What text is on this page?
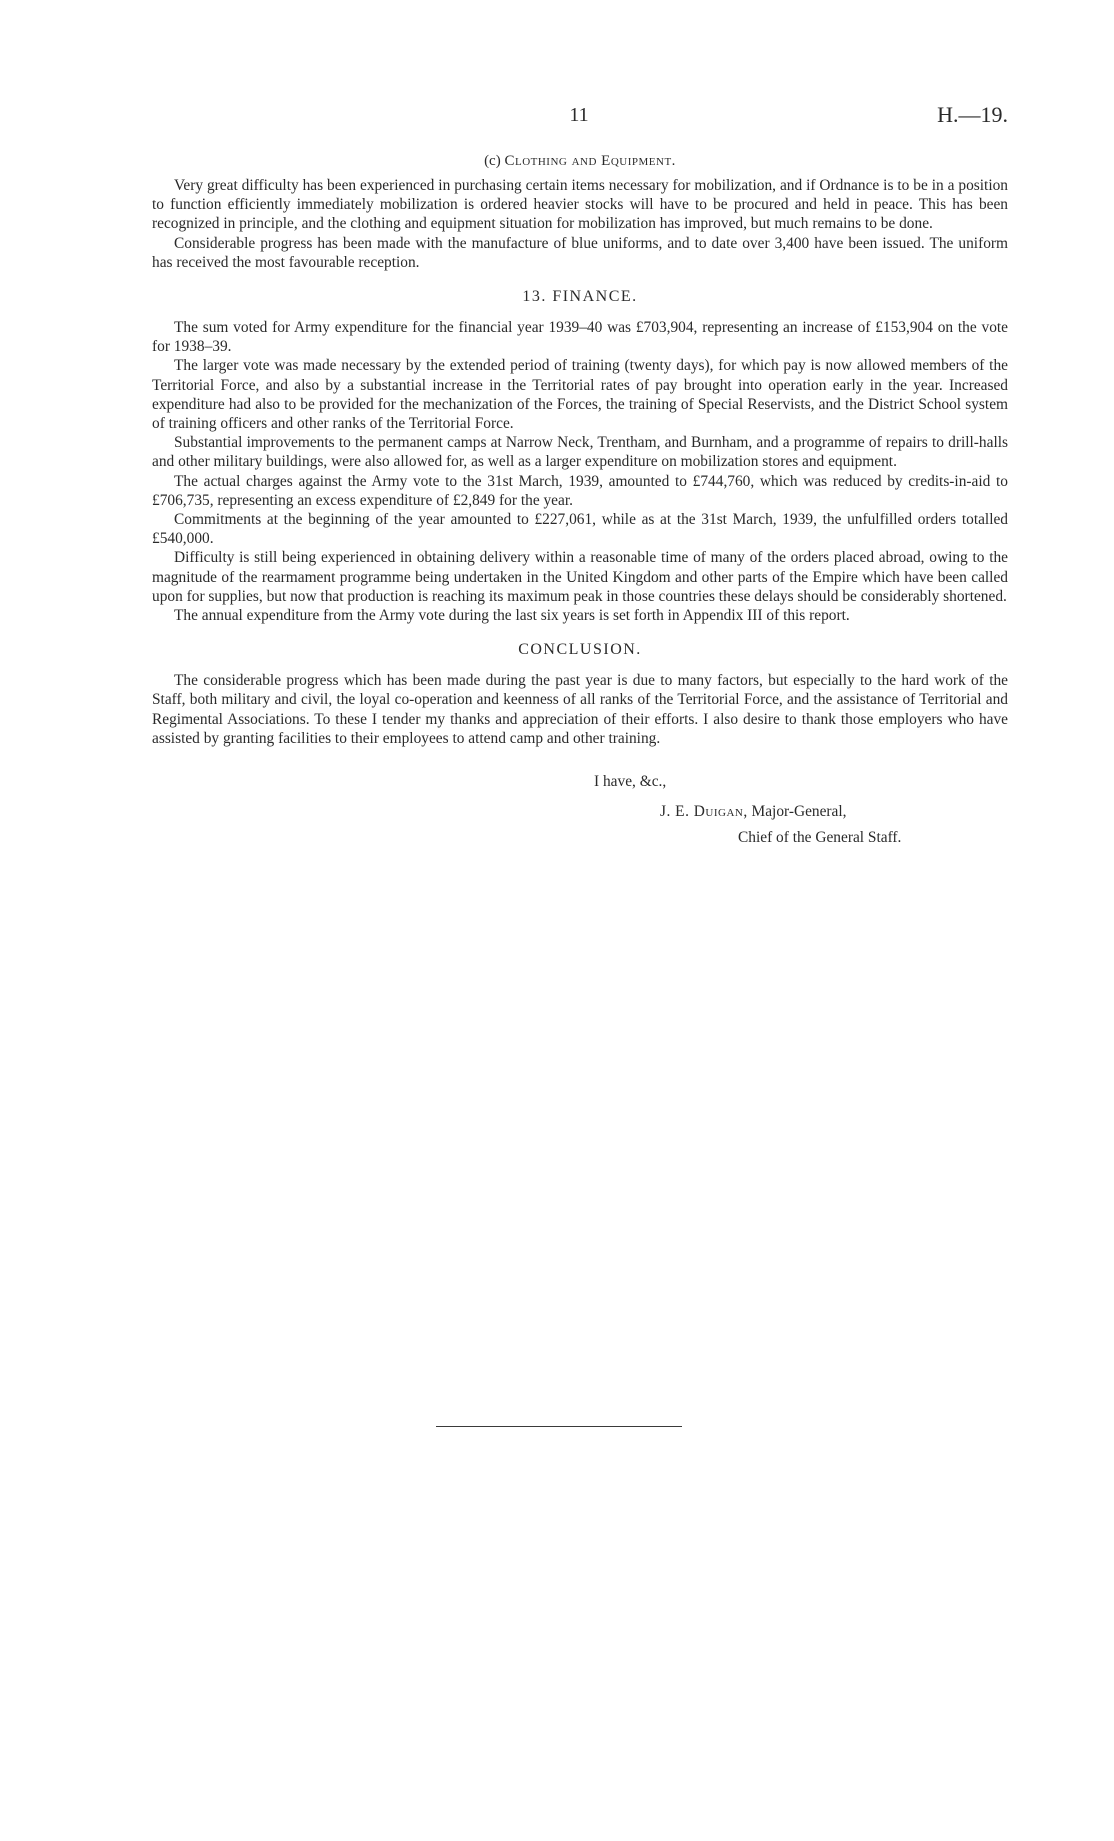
11	H.—19.
(c) Clothing and Equipment.

Very great difficulty has been experienced in purchasing certain items necessary for mobilization, and if Ordnance is to be in a position to function efficiently immediately mobilization is ordered heavier stocks will have to be procured and held in peace. This has been recognized in principle, and the clothing and equipment situation for mobilization has improved, but much remains to be done.

Considerable progress has been made with the manufacture of blue uniforms, and to date over 3,400 have been issued. The uniform has received the most favourable reception.

13. FINANCE.

The sum voted for Army expenditure for the financial year 1939–40 was £703,904, representing an increase of £153,904 on the vote for 1938–39.

The larger vote was made necessary by the extended period of training (twenty days), for which pay is now allowed members of the Territorial Force, and also by a substantial increase in the Territorial rates of pay brought into operation early in the year. Increased expenditure had also to be provided for the mechanization of the Forces, the training of Special Reservists, and the District School system of training officers and other ranks of the Territorial Force.

Substantial improvements to the permanent camps at Narrow Neck, Trentham, and Burnham, and a programme of repairs to drill-halls and other military buildings, were also allowed for, as well as a larger expenditure on mobilization stores and equipment.

The actual charges against the Army vote to the 31st March, 1939, amounted to £744,760, which was reduced by credits-in-aid to £706,735, representing an excess expenditure of £2,849 for the year.

Commitments at the beginning of the year amounted to £227,061, while as at the 31st March, 1939, the unfulfilled orders totalled £540,000.

Difficulty is still being experienced in obtaining delivery within a reasonable time of many of the orders placed abroad, owing to the magnitude of the rearmament programme being undertaken in the United Kingdom and other parts of the Empire which have been called upon for supplies, but now that production is reaching its maximum peak in those countries these delays should be considerably shortened.

The annual expenditure from the Army vote during the last six years is set forth in Appendix III of this report.

CONCLUSION.

The considerable progress which has been made during the past year is due to many factors, but especially to the hard work of the Staff, both military and civil, the loyal co-operation and keenness of all ranks of the Territorial Force, and the assistance of Territorial and Regimental Associations. To these I tender my thanks and appreciation of their efforts. I also desire to thank those employers who have assisted by granting facilities to their employees to attend camp and other training.

I have, &c.,
J. E. Duigan, Major-General,
Chief of the General Staff.
